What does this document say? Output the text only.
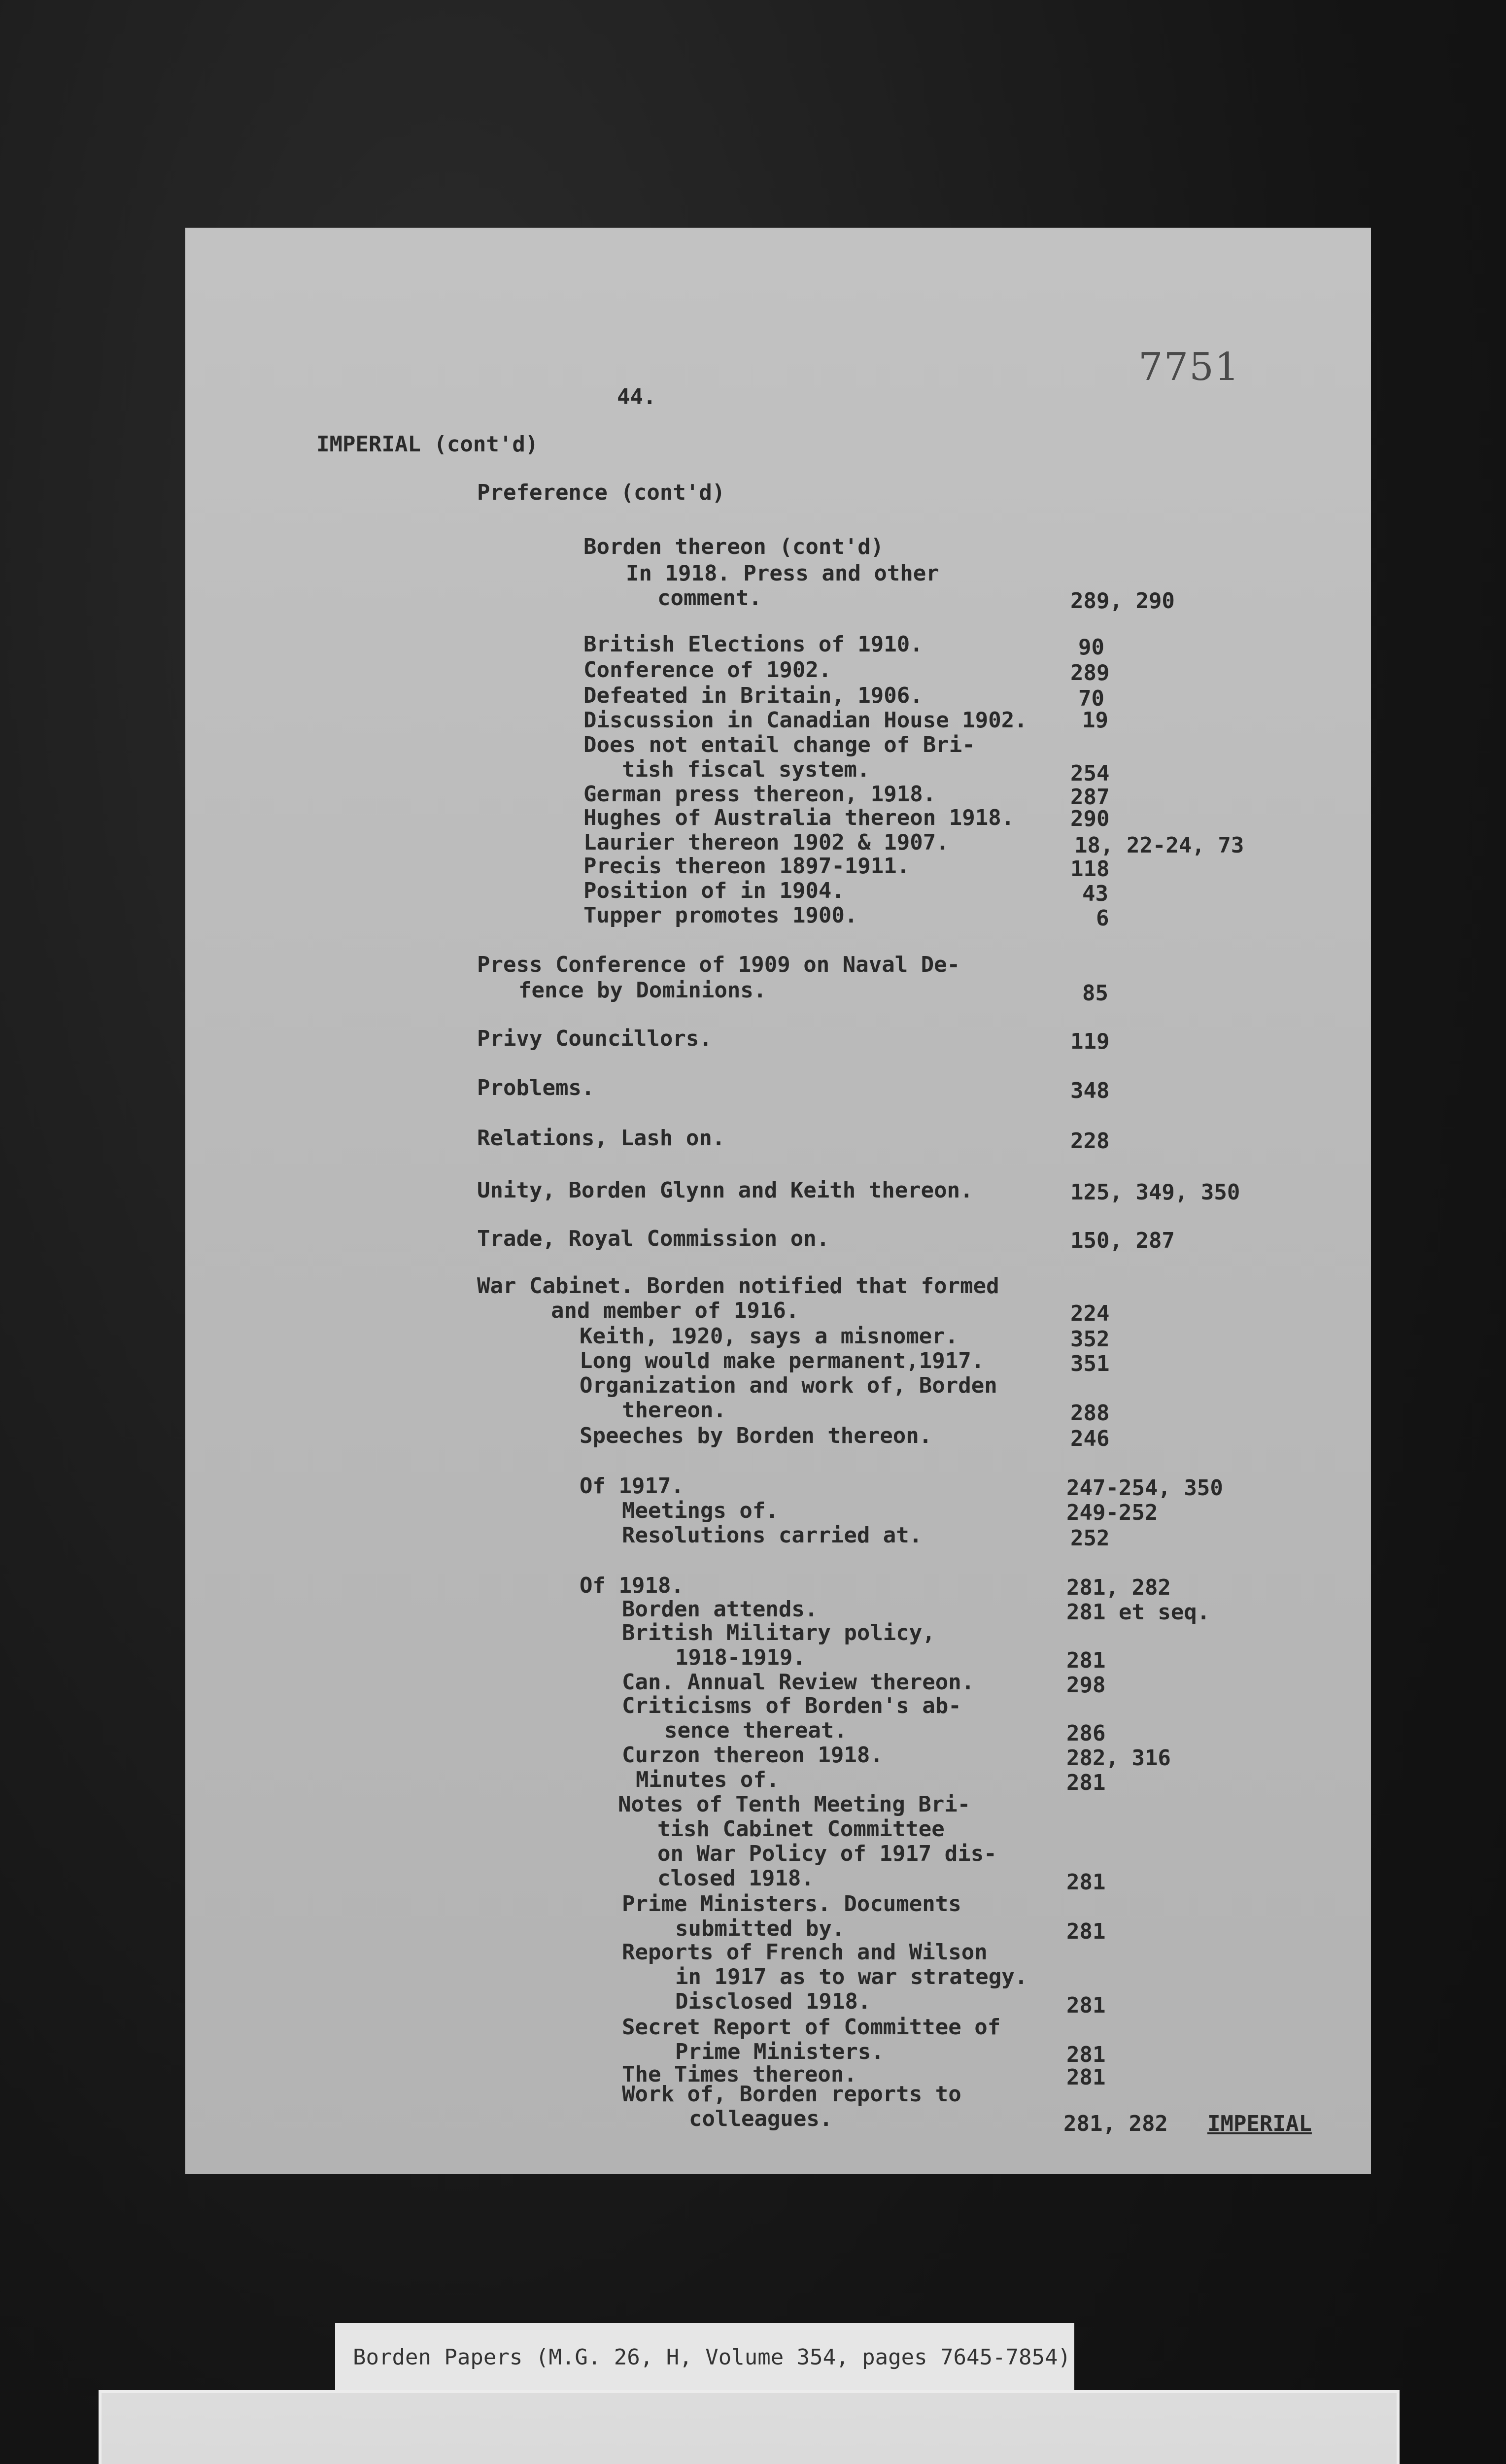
7751
44.
IMPERIAL (cont'd)
Preference (cont'd)
Borden thereon (cont'd)
In 1918. Press and other
comment.	289, 290
British Elections of 1910.	90
Conference of 1902.	289
Defeated in Britain, 1906.	70
Discussion in Canadian House 1902.	19
Does not entail change of Bri-
tish fiscal system.	254
German press thereon, 1918.	287
Hughes of Australia thereon 1918.	290
Laurier thereon 1902 & 1907.	18, 22-24, 73
Precis thereon 1897-1911.	118
Position of in 1904.	43
Tupper promotes 1900.	6
Press Conference of 1909 on Naval De-
fence by Dominions.	85
Privy Councillors.	119
Problems.	348
Relations, Lash on.	228
Unity, Borden Glynn and Keith thereon.	125, 349, 350
Trade, Royal Commission on.	150, 287
War Cabinet. Borden notified that formed
and member of 1916.	224
Keith, 1920, says a misnomer.	352
Long would make permanent,1917.	351
Organization and work of, Borden
thereon.	288
Speeches by Borden thereon.	246
Of 1917.	247-254, 350
Meetings of.	249-252
Resolutions carried at.	252
Of 1918.	281, 282
Borden attends.	281 et seq.
British Military policy,
1918-1919.	281
Can. Annual Review thereon.	298
Criticisms of Borden's ab-
sence thereat.	286
Curzon thereon 1918.	282, 316
Minutes of.	281
Notes of Tenth Meeting Bri-
tish Cabinet Committee
on War Policy of 1917 dis-
closed 1918.	281
Prime Ministers. Documents
submitted by.	281
Reports of French and Wilson
in 1917 as to war strategy.
Disclosed 1918.	281
Secret Report of Committee of
Prime Ministers.	281
The Times thereon.	281
Work of, Borden reports to
colleagues.	281, 282 IMPERIAL
Borden Papers (M.G. 26, H, Volume 354, pages 7645-7854)
